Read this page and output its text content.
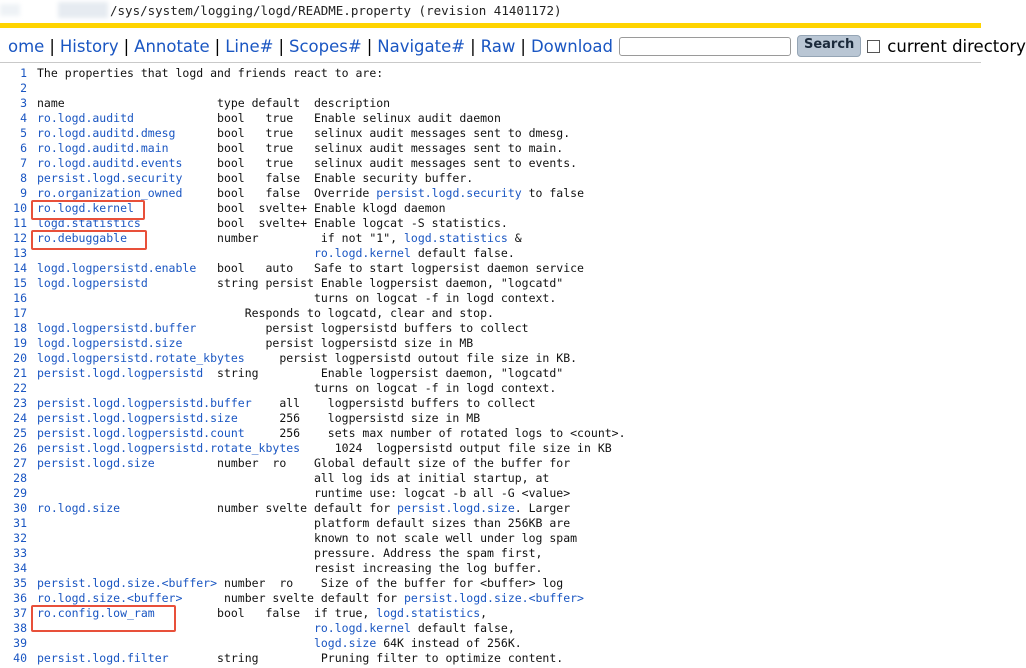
/sys/system/logging/logd/README.property (revision 41401172)
ome | History | Annotate | Line# | Scopes# | Navigate# | Raw | Download	Search	current directory
1 The properties that logd and friends react to are:
2
3 name                      type default  description
4 ro.logd.auditd            bool   true   Enable selinux audit daemon
5 ro.logd.auditd.dmesg      bool   true   selinux audit messages sent to dmesg.
6 ro.logd.auditd.main       bool   true   selinux audit messages sent to main.
7 ro.logd.auditd.events     bool   true   selinux audit messages sent to events.
8 persist.logd.security     bool   false  Enable security buffer.
9 ro.organization_owned     bool   false  Override persist.logd.security to false
10 ro.logd.kernel            bool  svelte+ Enable klogd daemon
11 logd.statistics           bool  svelte+ Enable logcat -S statistics.
12 ro.debuggable             number         if not "1", logd.statistics &
13	ro.logd.kernel default false.
14 logd.logpersistd.enable   bool   auto   Safe to start logpersist daemon service
15 logd.logpersistd          string persist Enable logpersist daemon, "logcatd"
16 turns on logcat -f in logd context.
17 Responds to logcatd, clear and stop.
18 logd.logpersistd.buffer          persist logpersistd buffers to collect
19 logd.logpersistd.size            persist logpersistd size in MB
20 logd.logpersistd.rotate_kbytes     persist logpersistd outout file size in KB.
21 persist.logd.logpersistd  string         Enable logpersist daemon, "logcatd"
22 turns on logcat -f in logd context.
23 persist.logd.logpersistd.buffer    all    logpersistd buffers to collect
24 persist.logd.logpersistd.size      256    logpersistd size in MB
25 persist.logd.logpersistd.count     256    sets max number of rotated logs to <count>.
26 persist.logd.logpersistd.rotate_kbytes     1024  logpersistd output file size in KB
27 persist.logd.size         number  ro    Global default size of the buffer for
28 all log ids at initial startup, at
29 runtime use: logcat -b all -G <value>
30 ro.logd.size              number svelte default for persist.logd.size. Larger
31 platform default sizes than 256KB are
32 known to not scale well under log spam
33 pressure. Address the spam first,
34 resist increasing the log buffer.
35 persist.logd.size.<buffer> number  ro    Size of the buffer for <buffer> log
36 ro.logd.size.<buffer>      number svelte default for persist.logd.size.<buffer>
37 ro.config.low_ram         bool   false  if true, logd.statistics,
38	ro.logd.kernel default false,
39	logd.size 64K instead of 256K.
40 persist.logd.filter       string         Pruning filter to optimize content.
